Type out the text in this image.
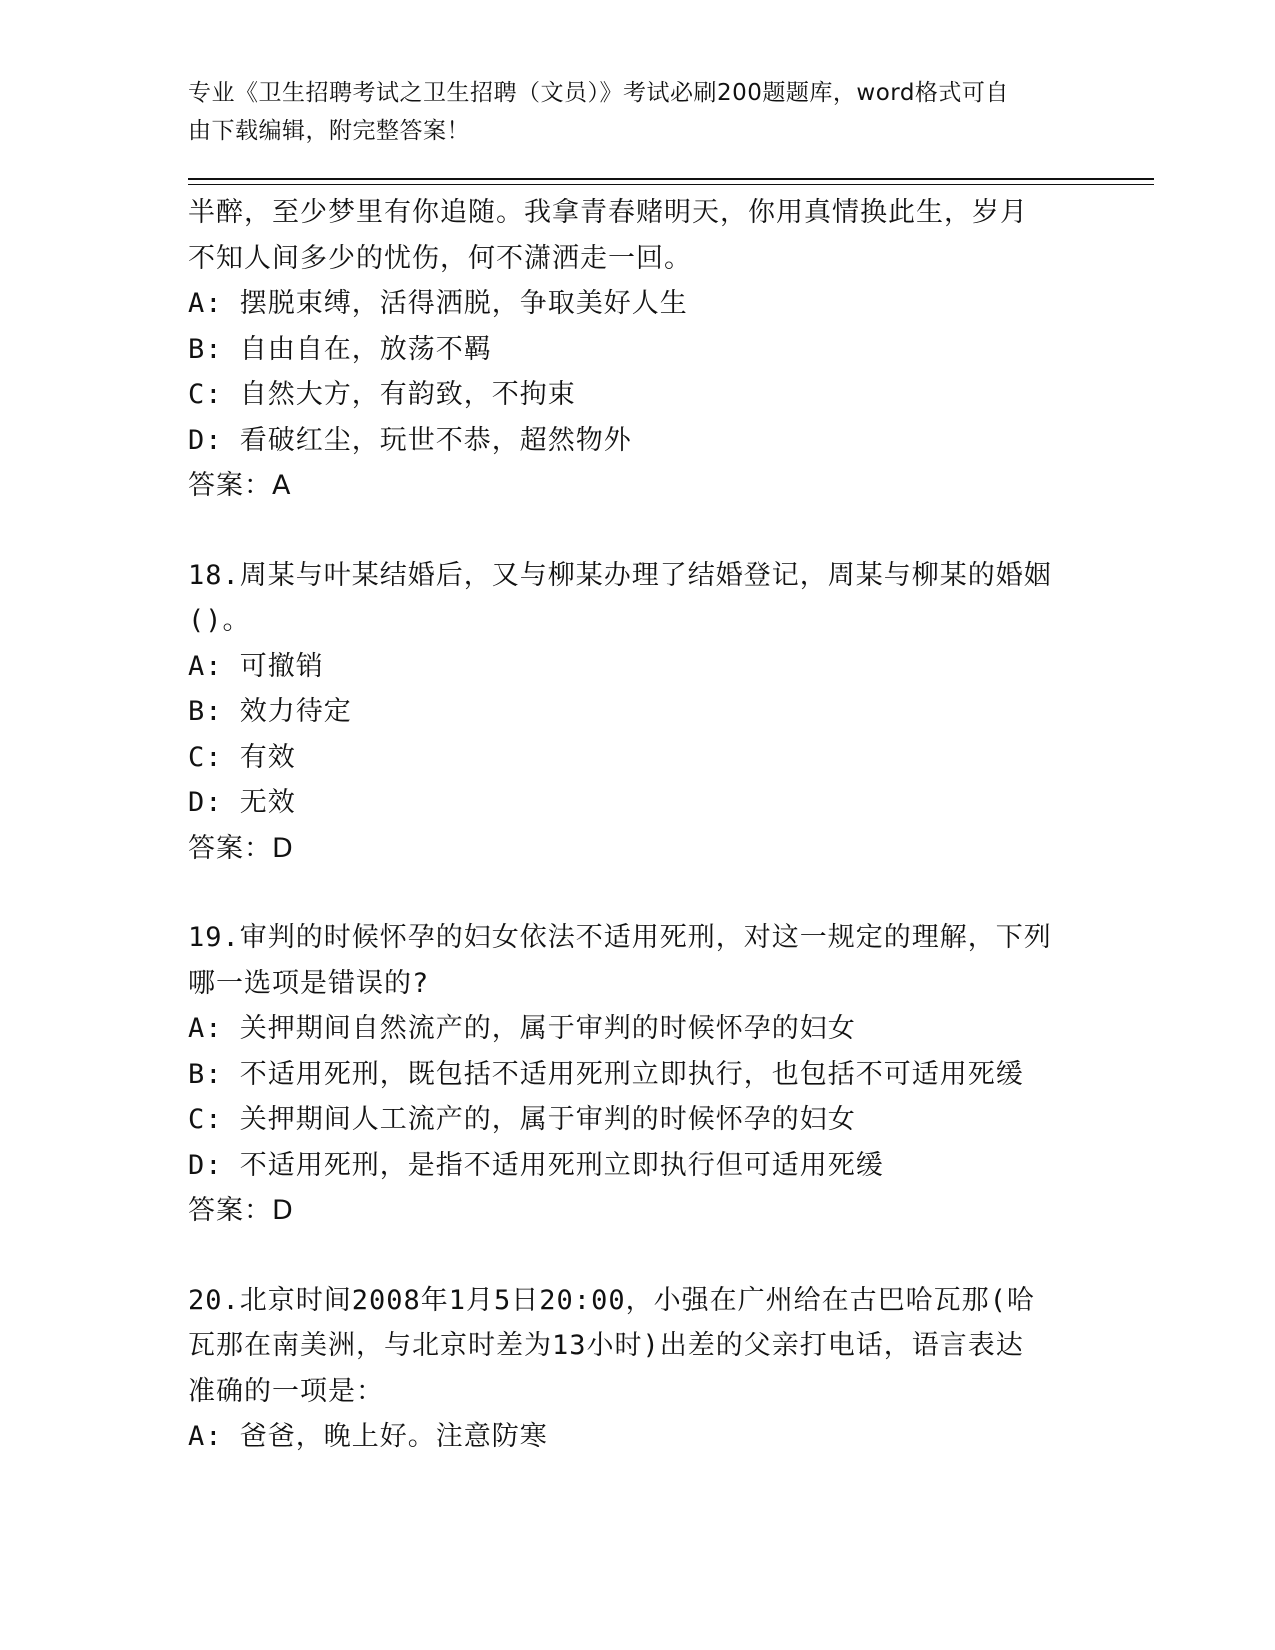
专业《卫生招聘考试之卫生招聘（文员）》考试必刷200题题库，word格式可自
由下载编辑，附完整答案！
半醉，至少梦里有你追随。我拿青春赌明天，你用真情换此生，岁月
不知人间多少的忧伤，何不潇洒走一回。
A: 摆脱束缚，活得洒脱，争取美好人生
B: 自由自在，放荡不羁
C: 自然大方，有韵致，不拘束
D: 看破红尘，玩世不恭，超然物外
答案：A
18.周某与叶某结婚后，又与柳某办理了结婚登记，周某与柳某的婚姻
()。
A: 可撤销
B: 效力待定
C: 有效
D: 无效
答案：D
19.审判的时候怀孕的妇女依法不适用死刑，对这一规定的理解，下列
哪一选项是错误的?
A: 关押期间自然流产的，属于审判的时候怀孕的妇女
B: 不适用死刑，既包括不适用死刑立即执行，也包括不可适用死缓
C: 关押期间人工流产的，属于审判的时候怀孕的妇女
D: 不适用死刑，是指不适用死刑立即执行但可适用死缓
答案：D
20.北京时间2008年1月5日20:00，小强在广州给在古巴哈瓦那(哈
瓦那在南美洲，与北京时差为13小时)出差的父亲打电话，语言表达
准确的一项是：
A: 爸爸，晚上好。注意防寒
